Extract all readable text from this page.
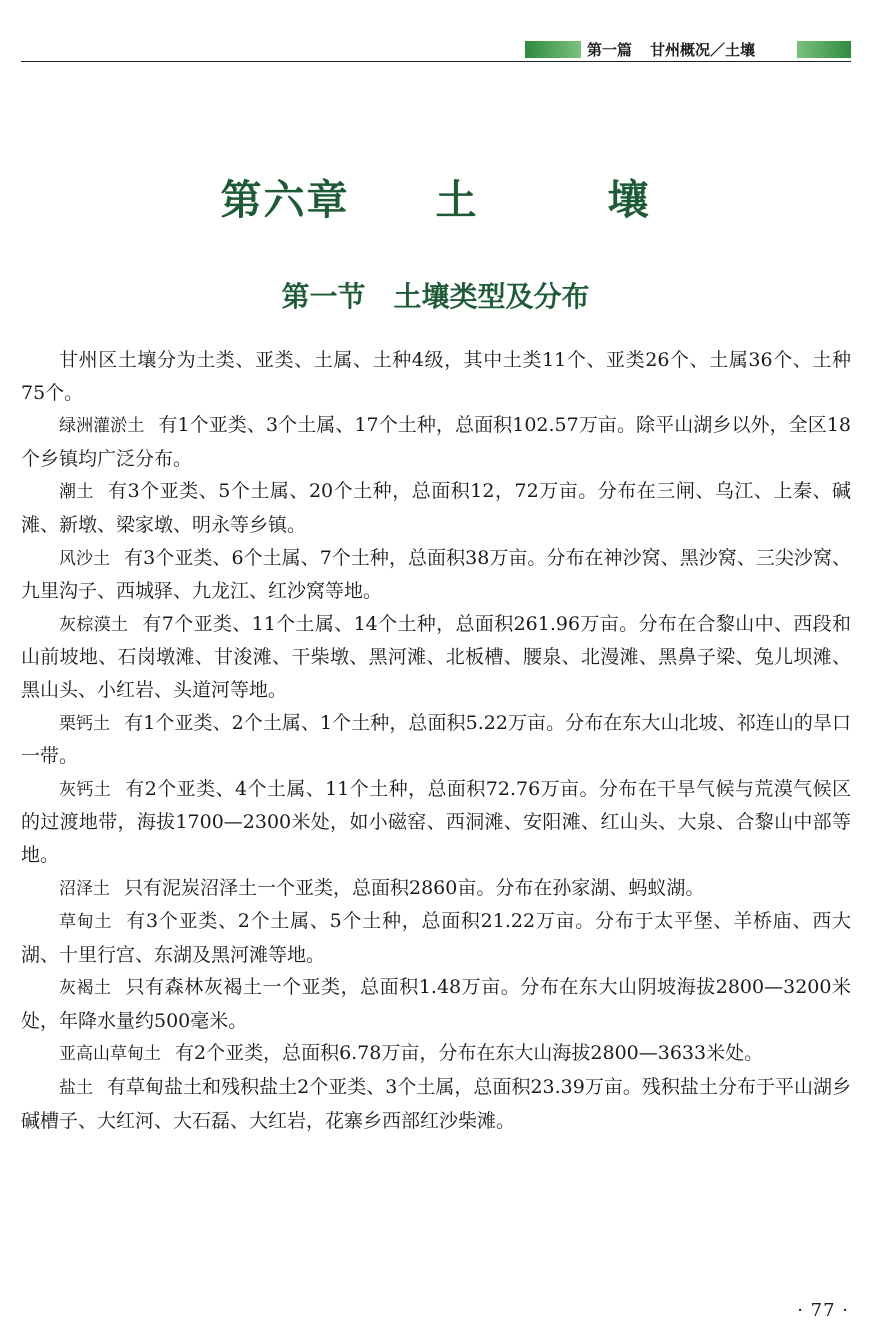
第一篇 甘州概况／土壤
第六章　　土　　　壤
第一节　土壤类型及分布

甘州区土壤分为土类、亚类、土属、土种4级，其中土类11个、亚类26个、土属36个、土种75个。

绿洲灌淤土 有1个亚类、3个土属、17个土种，总面积102.57万亩。除平山湖乡以外，全区18个乡镇均广泛分布。

潮土 有3个亚类、5个土属、20个土种，总面积12，72万亩。分布在三闸、乌江、上秦、碱滩、新墩、梁家墩、明永等乡镇。

风沙土 有3个亚类、6个土属、7个土种，总面积38万亩。分布在神沙窝、黑沙窝、三尖沙窝、九里沟子、西城驿、九龙江、红沙窝等地。

灰棕漠土 有7个亚类、11个土属、14个土种，总面积261.96万亩。分布在合黎山中、西段和山前坡地、石岗墩滩、甘浚滩、干柴墩、黑河滩、北板槽、腰泉、北漫滩、黑鼻子梁、兔儿坝滩、黑山头、小红岩、头道河等地。

栗钙土 有1个亚类、2个土属、1个土种，总面积5.22万亩。分布在东大山北坡、祁连山的旱口一带。

灰钙土 有2个亚类、4个土属、11个土种，总面积72.76万亩。分布在干旱气候与荒漠气候区的过渡地带，海拔1700—2300米处，如小磁窑、西洞滩、安阳滩、红山头、大泉、合黎山中部等地。

沼泽土 只有泥炭沼泽土一个亚类，总面积2860亩。分布在孙家湖、蚂蚁湖。

草甸土 有3个亚类、2个土属、5个土种，总面积21.22万亩。分布于太平堡、羊桥庙、西大湖、十里行宫、东湖及黑河滩等地。

灰褐土 只有森林灰褐土一个亚类，总面积1.48万亩。分布在东大山阴坡海拔2800—3200米处，年降水量约500毫米。

亚高山草甸土 有2个亚类，总面积6.78万亩，分布在东大山海拔2800—3633米处。

盐土 有草甸盐土和残积盐土2个亚类、3个土属，总面积23.39万亩。残积盐土分布于平山湖乡碱槽子、大红河、大石磊、大红岩，花寨乡西部红沙柴滩。

· 77 ·
